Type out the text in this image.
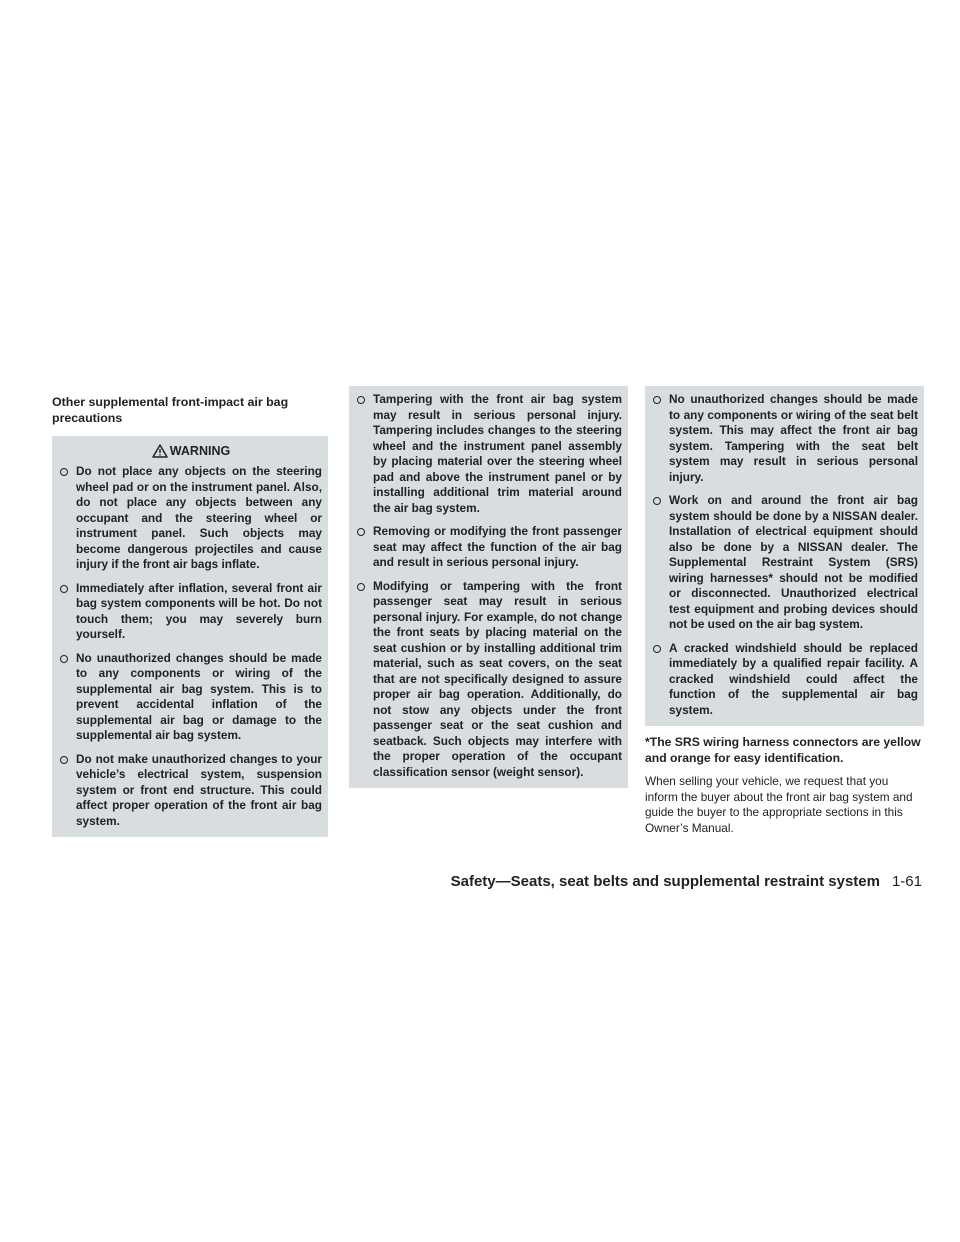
Other supplemental front-impact air bag precautions
WARNING
Do not place any objects on the steering wheel pad or on the instrument panel. Also, do not place any objects between any occupant and the steering wheel or instrument panel. Such objects may become dangerous projectiles and cause injury if the front air bags inflate.
Immediately after inflation, several front air bag system components will be hot. Do not touch them; you may severely burn yourself.
No unauthorized changes should be made to any components or wiring of the supplemental air bag system. This is to prevent accidental inflation of the supplemental air bag or damage to the supplemental air bag system.
Do not make unauthorized changes to your vehicle’s electrical system, suspension system or front end structure. This could affect proper operation of the front air bag system.
Tampering with the front air bag system may result in serious personal injury. Tampering includes changes to the steering wheel and the instrument panel assembly by placing material over the steering wheel pad and above the instrument panel or by installing additional trim material around the air bag system.
Removing or modifying the front passenger seat may affect the function of the air bag and result in serious personal injury.
Modifying or tampering with the front passenger seat may result in serious personal injury. For example, do not change the front seats by placing material on the seat cushion or by installing additional trim material, such as seat covers, on the seat that are not specifically designed to assure proper air bag operation. Additionally, do not stow any objects under the front passenger seat or the seat cushion and seatback. Such objects may interfere with the proper operation of the occupant classification sensor (weight sensor).
No unauthorized changes should be made to any components or wiring of the seat belt system. This may affect the front air bag system. Tampering with the seat belt system may result in serious personal injury.
Work on and around the front air bag system should be done by a NISSAN dealer. Installation of electrical equipment should also be done by a NISSAN dealer. The Supplemental Restraint System (SRS) wiring harnesses* should not be modified or disconnected. Unauthorized electrical test equipment and probing devices should not be used on the air bag system.
A cracked windshield should be replaced immediately by a qualified repair facility. A cracked windshield could affect the function of the supplemental air bag system.

*The SRS wiring harness connectors are yellow and orange for easy identification.

When selling your vehicle, we request that you inform the buyer about the front air bag system and guide the buyer to the appropriate sections in this Owner’s Manual.

Safety—Seats, seat belts and supplemental restraint system 1-61
